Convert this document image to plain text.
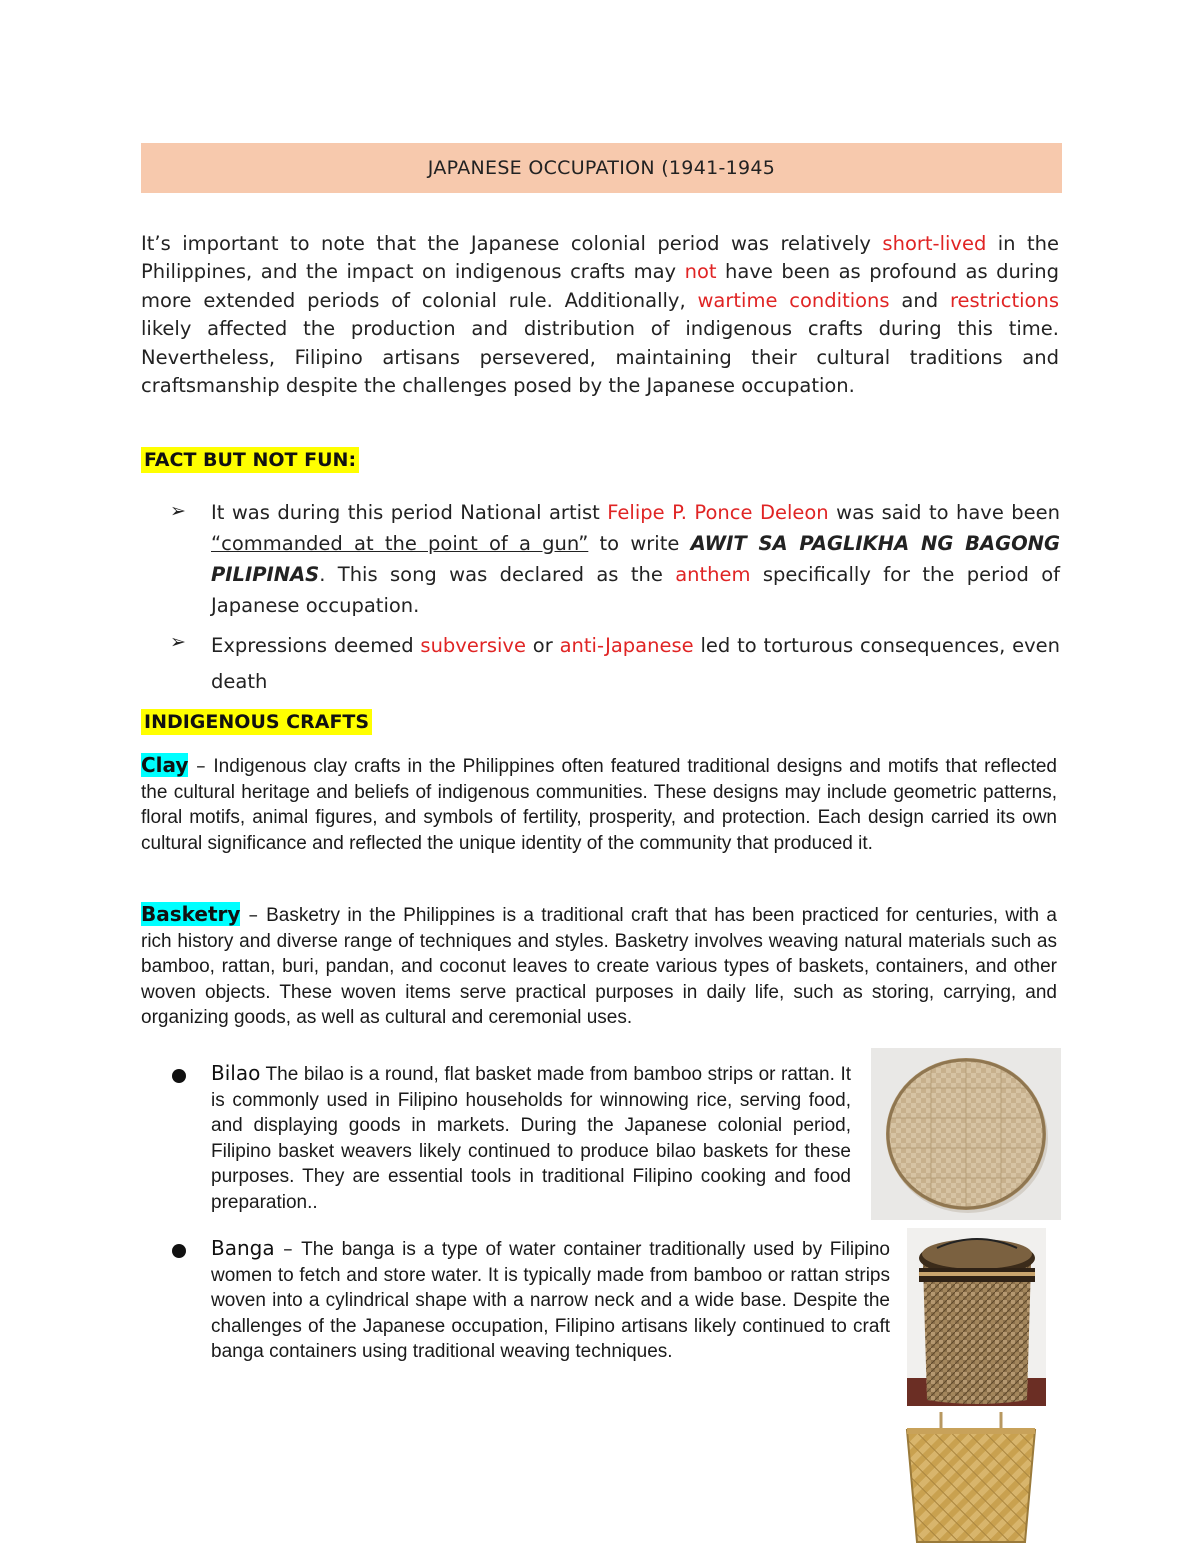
JAPANESE OCCUPATION (1941-1945

It’s important to note that the Japanese colonial period was relatively short-lived in the Philippines, and the impact on indigenous crafts may not have been as profound as during more extended periods of colonial rule. Additionally, wartime conditions and restrictions likely affected the production and distribution of indigenous crafts during this time. Nevertheless, Filipino artisans persevered, maintaining their cultural traditions and craftsmanship despite the challenges posed by the Japanese occupation.

FACT BUT NOT FUN:
➢	It was during this period National artist Felipe P. Ponce Deleon was said to have been “commanded at the point of a gun” to write AWIT SA PAGLIKHA NG BAGONG PILIPINAS. This song was declared as the anthem specifically for the period of Japanese occupation.

➢	Expressions deemed subversive or anti-Japanese led to torturous consequences, even death

INDIGENOUS CRAFTS

Clay – Indigenous clay crafts in the Philippines often featured traditional designs and motifs that reflected the cultural heritage and beliefs of indigenous communities. These designs may include geometric patterns, floral motifs, animal figures, and symbols of fertility, prosperity, and protection. Each design carried its own cultural significance and reflected the unique identity of the community that produced it.

Basketry – Basketry in the Philippines is a traditional craft that has been practiced for centuries, with a rich history and diverse range of techniques and styles. Basketry involves weaving natural materials such as bamboo, rattan, buri, pandan, and coconut leaves to create various types of baskets, containers, and other woven objects. These woven items serve practical purposes in daily life, such as storing, carrying, and organizing goods, as well as cultural and ceremonial uses.

Bilao The bilao is a round, flat basket made from bamboo strips or rattan. It is commonly used in Filipino households for winnowing rice, serving food, and displaying goods in markets. During the Japanese colonial period, Filipino basket weavers likely continued to produce bilao baskets for these purposes. They are essential tools in traditional Filipino cooking and food preparation..

Banga – The banga is a type of water container traditionally used by Filipino women to fetch and store water. It is typically made from bamboo or rattan strips woven into a cylindrical shape with a narrow neck and a wide base. Despite the challenges of the Japanese occupation, Filipino artisans likely continued to craft banga containers using traditional weaving techniques.
